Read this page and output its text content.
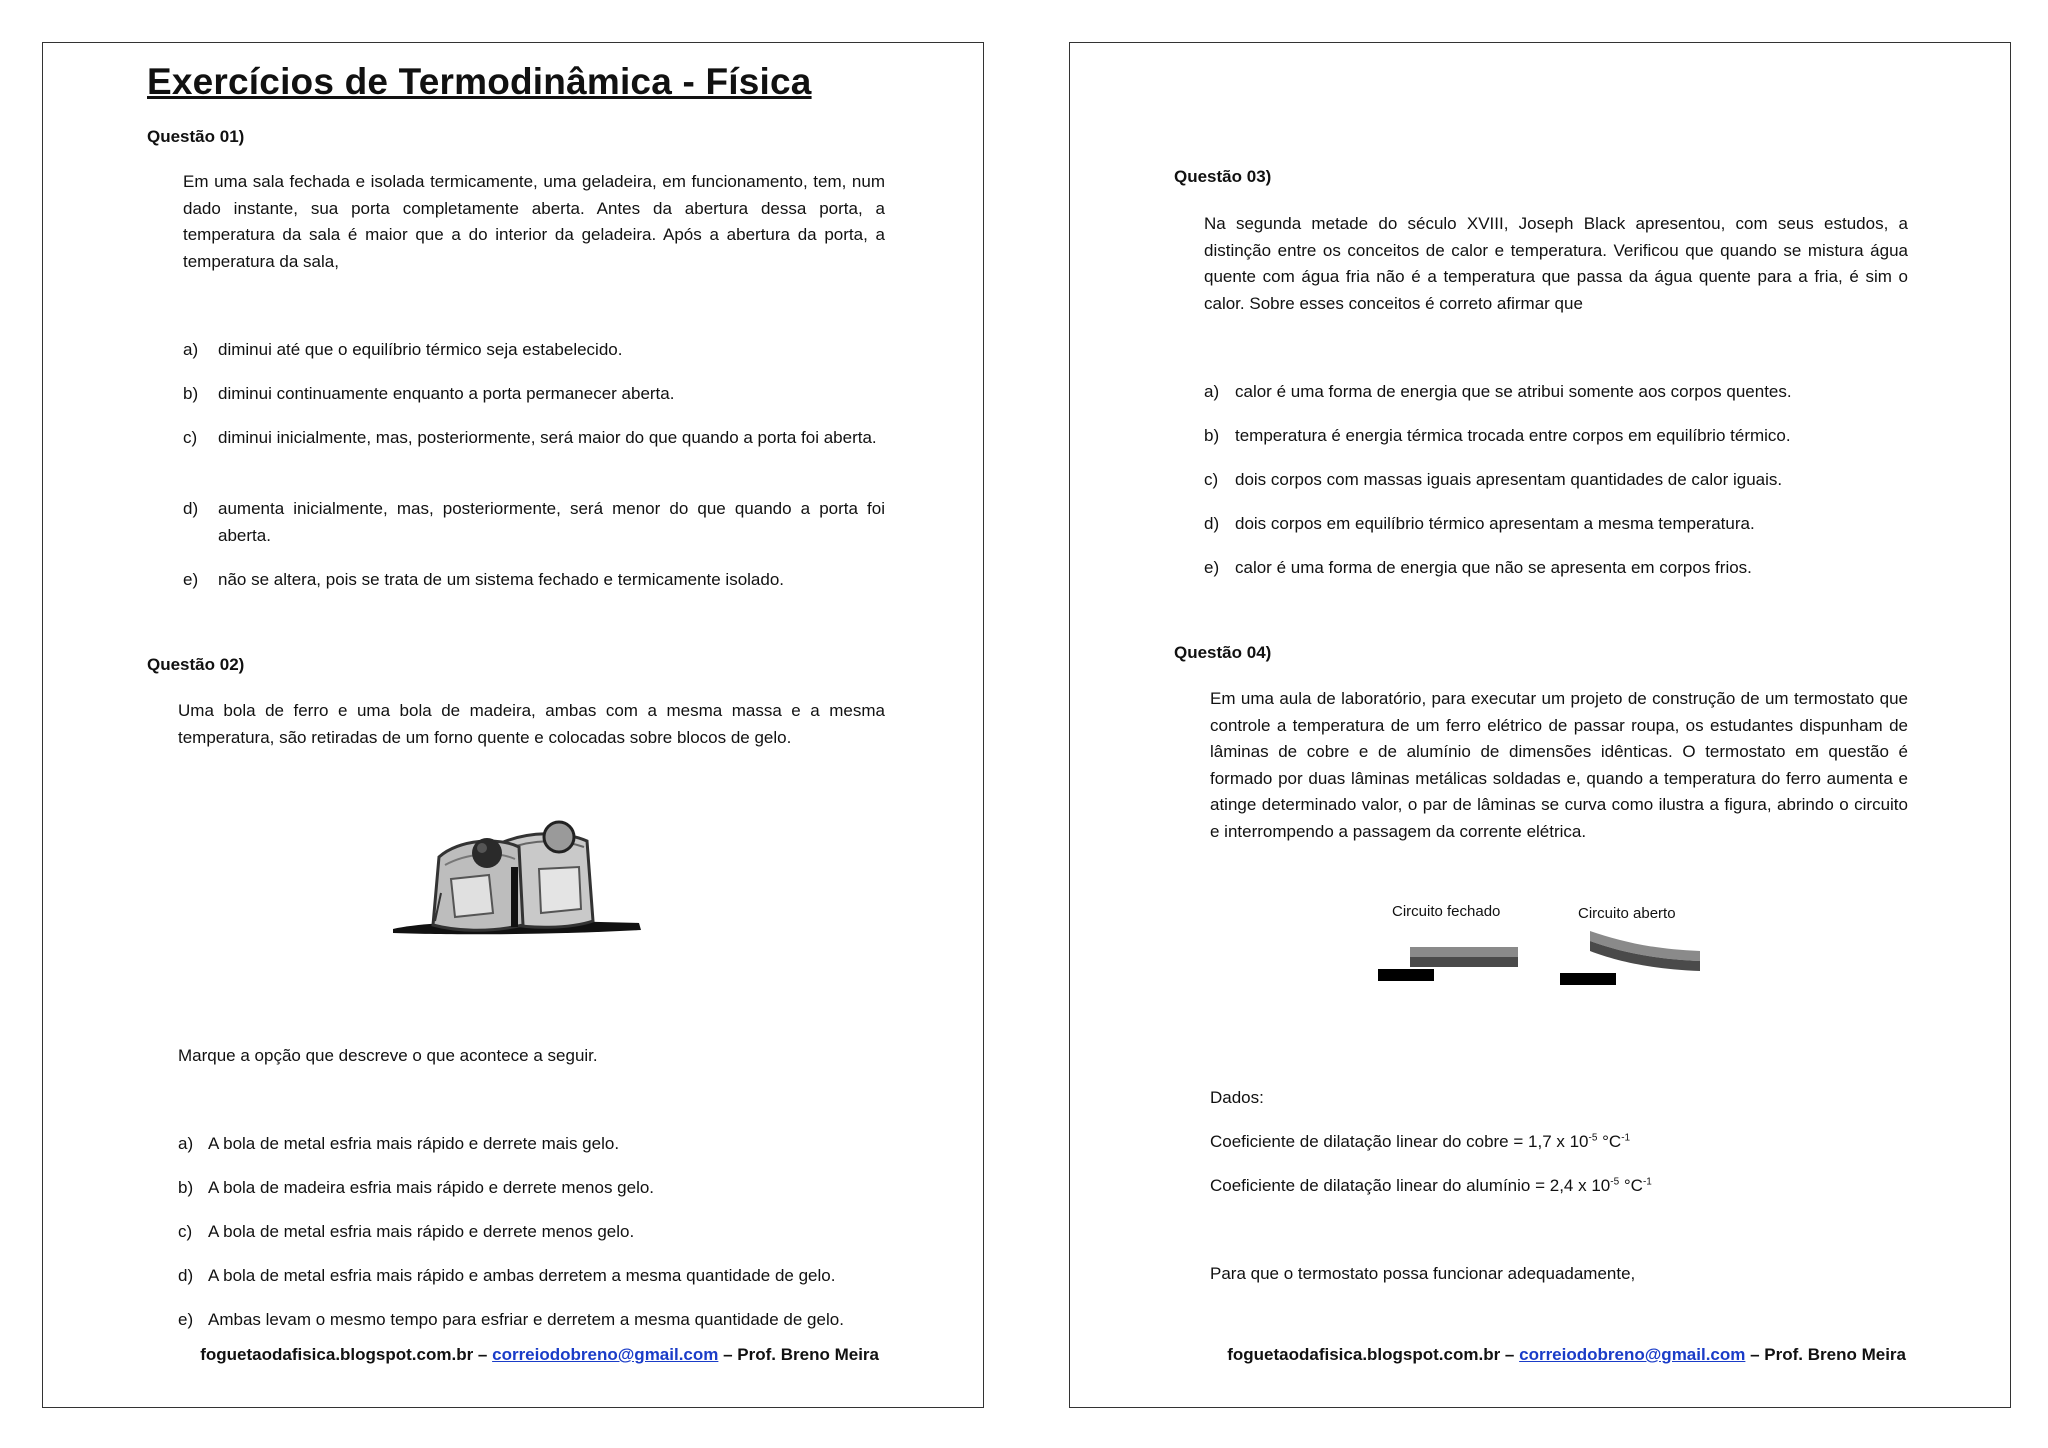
Exercícios de Termodinâmica - Física
Questão 01)
Em uma sala fechada e isolada termicamente, uma geladeira, em funcionamento, tem, num dado instante, sua porta completamente aberta. Antes da abertura dessa porta, a temperatura da sala é maior que a do interior da geladeira. Após a abertura da porta, a temperatura da sala,
a) diminui até que o equilíbrio térmico seja estabelecido.
b) diminui continuamente enquanto a porta permanecer aberta.
c) diminui inicialmente, mas, posteriormente, será maior do que quando a porta foi aberta.
d) aumenta inicialmente, mas, posteriormente, será menor do que quando a porta foi aberta.
e) não se altera, pois se trata de um sistema fechado e termicamente isolado.
Questão 02)
Uma bola de ferro e uma bola de madeira, ambas com a mesma massa e a mesma temperatura, são retiradas de um forno quente e colocadas sobre blocos de gelo.
Marque a opção que descreve o que acontece a seguir.
a) A bola de metal esfria mais rápido e derrete mais gelo.
b) A bola de madeira esfria mais rápido e derrete menos gelo.
c) A bola de metal esfria mais rápido e derrete menos gelo.
d) A bola de metal esfria mais rápido e ambas derretem a mesma quantidade de gelo.
e) Ambas levam o mesmo tempo para esfriar e derretem a mesma quantidade de gelo.
foguetaodafisica.blogspot.com.br – correiodobreno@gmail.com – Prof. Breno Meira
Questão 03)
Na segunda metade do século XVIII, Joseph Black apresentou, com seus estudos, a distinção entre os conceitos de calor e temperatura. Verificou que quando se mistura água quente com água fria não é a temperatura que passa da água quente para a fria, é sim o calor. Sobre esses conceitos é correto afirmar que
a) calor é uma forma de energia que se atribui somente aos corpos quentes.
b) temperatura é energia térmica trocada entre corpos em equilíbrio térmico.
c) dois corpos com massas iguais apresentam quantidades de calor iguais.
d) dois corpos em equilíbrio térmico apresentam a mesma temperatura.
e) calor é uma forma de energia que não se apresenta em corpos frios.
Questão 04)
Em uma aula de laboratório, para executar um projeto de construção de um termostato que controle a temperatura de um ferro elétrico de passar roupa, os estudantes dispunham de lâminas de cobre e de alumínio de dimensões idênticas. O termostato em questão é formado por duas lâminas metálicas soldadas e, quando a temperatura do ferro aumenta e atinge determinado valor, o par de lâminas se curva como ilustra a figura, abrindo o circuito e interrompendo a passagem da corrente elétrica.
Circuito fechado	Circuito aberto
Dados:
Coeficiente de dilatação linear do cobre = 1,7 x $10^{-5}$ $^\circ C^{-1}$
Coeficiente de dilatação linear do alumínio = 2,4 x $10^{-5}$ $^\circ C^{-1}$
Para que o termostato possa funcionar adequadamente,
foguetaodafisica.blogspot.com.br – correiodobreno@gmail.com – Prof. Breno Meira
